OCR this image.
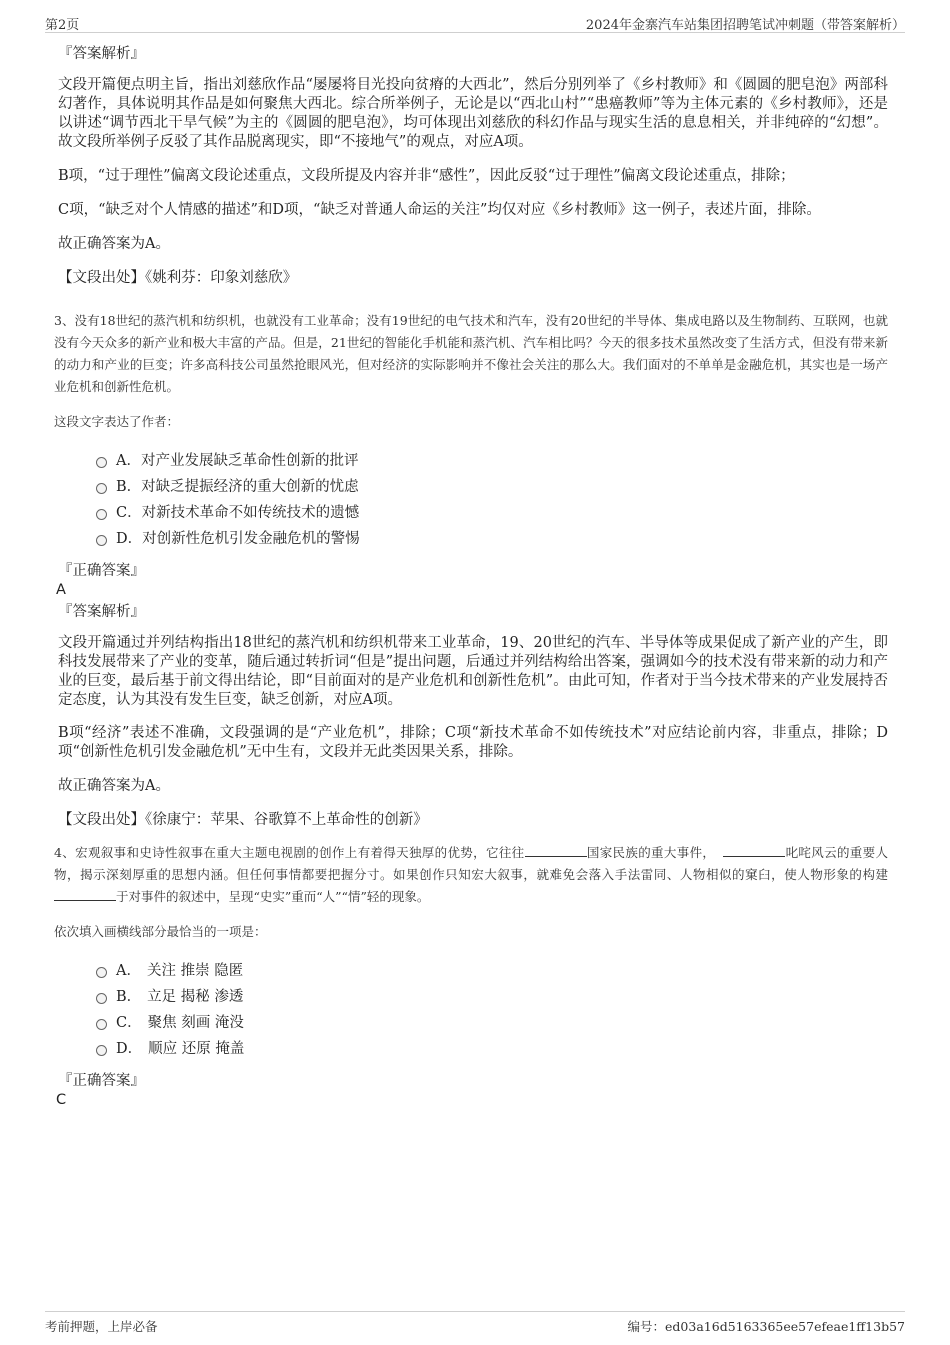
第2页	2024年金寨汽车站集团招聘笔试冲刺题（带答案解析）
『答案解析』

文段开篇便点明主旨，指出刘慈欣作品“屡屡将目光投向贫瘠的大西北”，然后分别列举了《乡村教师》和《圆圆的肥皂泡》两部科幻著作，具体说明其作品是如何聚焦大西北。综合所举例子，无论是以“西北山村”“患癌教师”等为主体元素的《乡村教师》，还是以讲述“调节西北干旱气候”为主的《圆圆的肥皂泡》，均可体现出刘慈欣的科幻作品与现实生活的息息相关，并非纯碎的“幻想”。故文段所举例子反驳了其作品脱离现实，即“不接地气”的观点，对应A项。

B项，“过于理性”偏离文段论述重点，文段所提及内容并非“感性”，因此反驳“过于理性”偏离文段论述重点，排除；

C项，“缺乏对个人情感的描述”和D项，“缺乏对普通人命运的关注”均仅对应《乡村教师》这一例子，表述片面，排除。

故正确答案为A。

【文段出处】《姚利芬：印象刘慈欣》

3、没有18世纪的蒸汽机和纺织机，也就没有工业革命；没有19世纪的电气技术和汽车，没有20世纪的半导体、集成电路以及生物制药、互联网，也就没有今天众多的新产业和极大丰富的产品。但是，21世纪的智能化手机能和蒸汽机、汽车相比吗？今天的很多技术虽然改变了生活方式，但没有带来新的动力和产业的巨变；许多高科技公司虽然抢眼风光，但对经济的实际影响并不像社会关注的那么大。我们面对的不单单是金融危机，其实也是一场产业危机和创新性危机。

这段文字表达了作者：

A．对产业发展缺乏革命性创新的批评
B．对缺乏提振经济的重大创新的忧虑
C．对新技术革命不如传统技术的遗憾
D．对创新性危机引发金融危机的警惕
『正确答案』
A
『答案解析』

文段开篇通过并列结构指出18世纪的蒸汽机和纺织机带来工业革命，19、20世纪的汽车、半导体等成果促成了新产业的产生，即科技发展带来了产业的变革，随后通过转折词“但是”提出问题，后通过并列结构给出答案，强调如今的技术没有带来新的动力和产业的巨变，最后基于前文得出结论，即“目前面对的是产业危机和创新性危机”。由此可知，作者对于当今技术带来的产业发展持否定态度，认为其没有发生巨变，缺乏创新，对应A项。

B项“经济”表述不准确，文段强调的是“产业危机”，排除；C项“新技术革命不如传统技术”对应结论前内容，非重点，排除；D项“创新性危机引发金融危机”无中生有，文段并无此类因果关系，排除。

故正确答案为A。

【文段出处】《徐康宁：苹果、谷歌算不上革命性的创新》

4、宏观叙事和史诗性叙事在重大主题电视剧的创作上有着得天独厚的优势，它往往	国家民族的重大事件，	叱咤风云的重要人物，揭示深刻厚重的思想内涵。但任何事情都要把握分寸。如果创作只知宏大叙事，就难免会落入手法雷同、人物相似的窠臼，使人物形象的构建于对事件的叙述中，呈现“史实”重而“人”“情”轻的现象。

依次填入画横线部分最恰当的一项是：

A． 关注 推崇 隐匿
B． 立足 揭秘 渗透
C． 聚焦 刻画 淹没
D． 顺应 还原 掩盖
『正确答案』
C
考前押题，上岸必备	编号：ed03a16d5163365ee57efeae1ff13b57
